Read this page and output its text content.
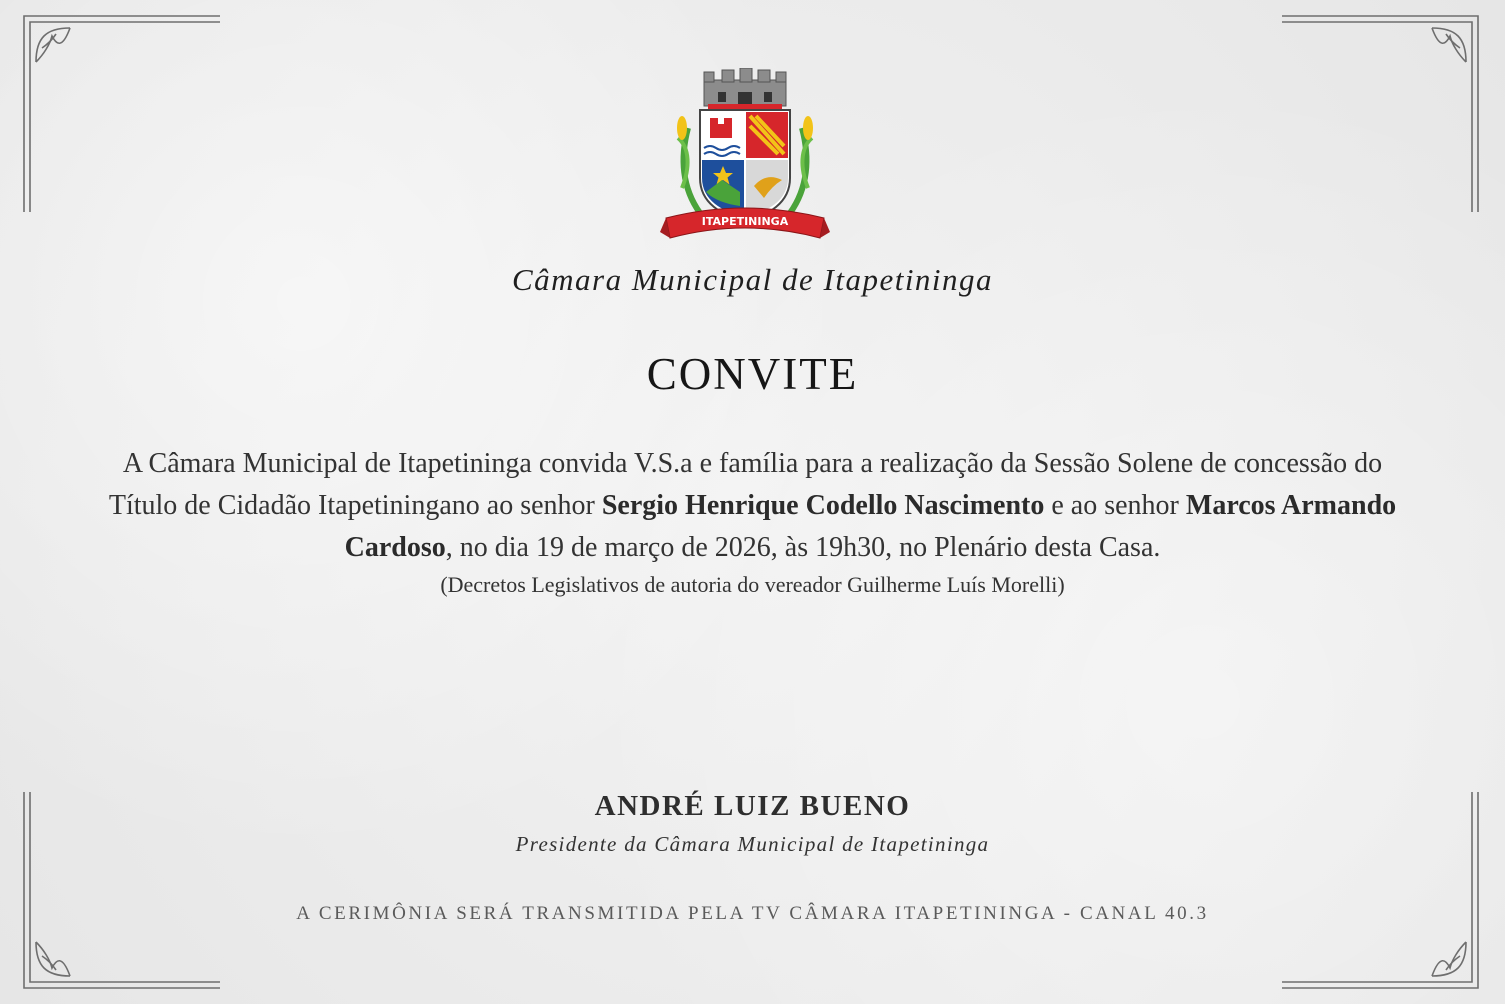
ITAPETININGA
Câmara Municipal de Itapetininga
CONVITE
A Câmara Municipal de Itapetininga convida V.S.a e família para a realização da Sessão Solene de concessão do Título de Cidadão Itapetiningano ao senhor Sergio Henrique Codello Nascimento e ao senhor Marcos Armando Cardoso, no dia 19 de março de 2026, às 19h30, no Plenário desta Casa.
(Decretos Legislativos de autoria do vereador Guilherme Luís Morelli)
ANDRÉ LUIZ BUENO
Presidente da Câmara Municipal de Itapetininga
A CERIMÔNIA SERÁ TRANSMITIDA PELA TV CÂMARA ITAPETININGA - CANAL 40.3
